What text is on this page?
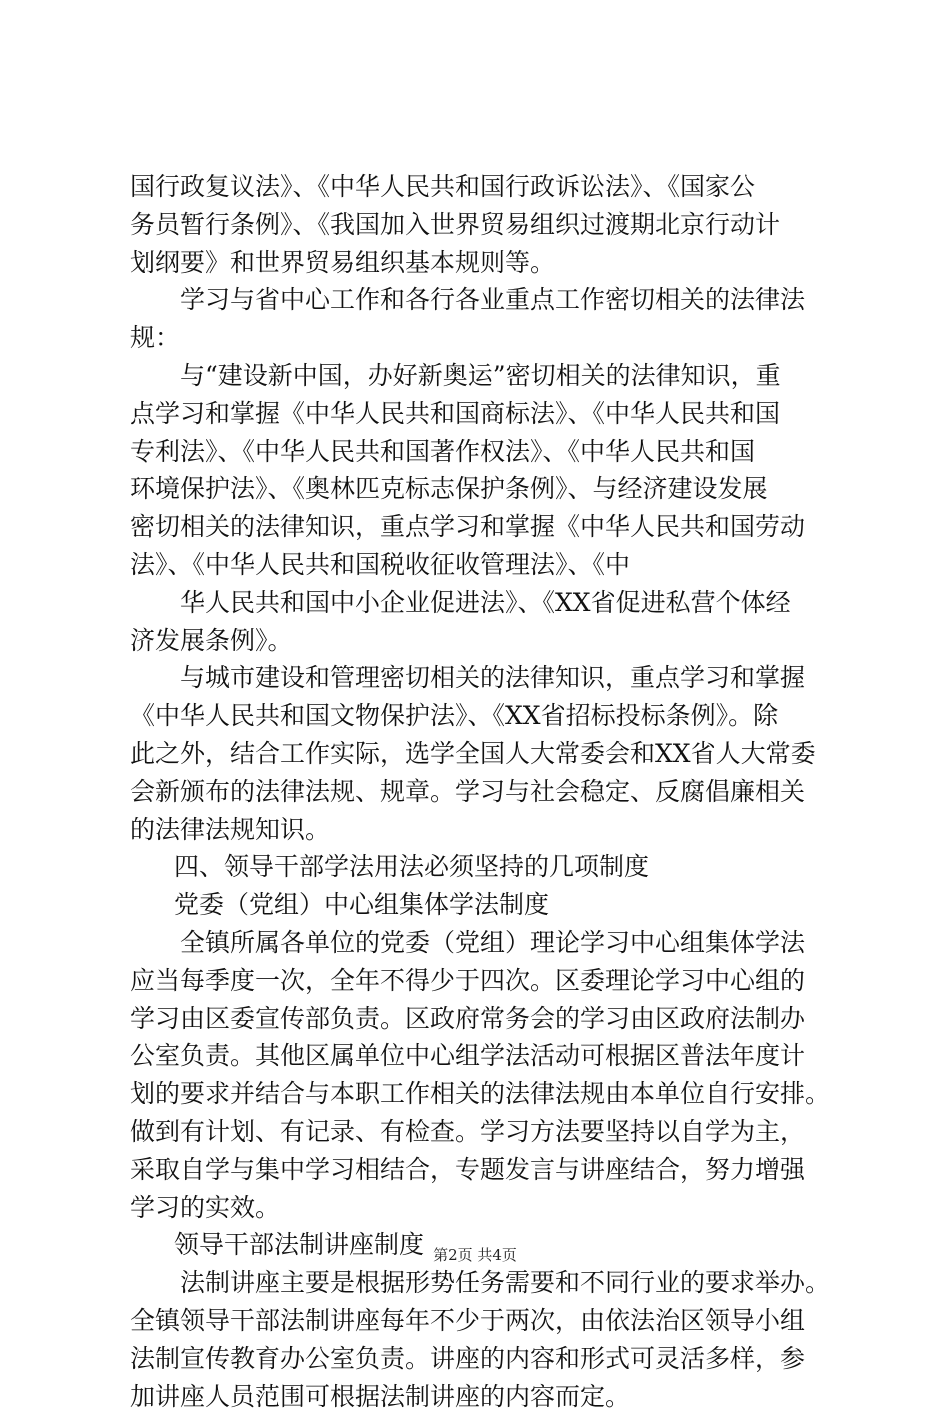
国行政复议法》、《中华人民共和国行政诉讼法》、《国家公
务员暂行条例》、《我国加入世界贸易组织过渡期北京行动计
划纲要》和世界贸易组织基本规则等。
学习与省中心工作和各行各业重点工作密切相关的法律法
规：
与“建设新中国，办好新奥运”密切相关的法律知识，重
点学习和掌握《中华人民共和国商标法》、《中华人民共和国
专利法》、《中华人民共和国著作权法》、《中华人民共和国
环境保护法》、《奥林匹克标志保护条例》、与经济建设发展
密切相关的法律知识，重点学习和掌握《中华人民共和国劳动
法》、《中华人民共和国税收征收管理法》、《中
华人民共和国中小企业促进法》、《XX省促进私营个体经
济发展条例》。
与城市建设和管理密切相关的法律知识，重点学习和掌握
《中华人民共和国文物保护法》、《XX省招标投标条例》。除
此之外，结合工作实际，选学全国人大常委会和XX省人大常委
会新颁布的法律法规、规章。学习与社会稳定、反腐倡廉相关
的法律法规知识。
四、领导干部学法用法必须坚持的几项制度
党委（党组）中心组集体学法制度
全镇所属各单位的党委（党组）理论学习中心组集体学法
应当每季度一次，全年不得少于四次。区委理论学习中心组的
学习由区委宣传部负责。区政府常务会的学习由区政府法制办
公室负责。其他区属单位中心组学法活动可根据区普法年度计
划的要求并结合与本职工作相关的法律法规由本单位自行安排。
做到有计划、有记录、有检查。学习方法要坚持以自学为主，
采取自学与集中学习相结合，专题发言与讲座结合，努力增强
学习的实效。
领导干部法制讲座制度
法制讲座主要是根据形势任务需要和不同行业的要求举办。
全镇领导干部法制讲座每年不少于两次，由依法治区领导小组
法制宣传教育办公室负责。讲座的内容和形式可灵活多样，参
加讲座人员范围可根据法制讲座的内容而定。
第2页 共4页
